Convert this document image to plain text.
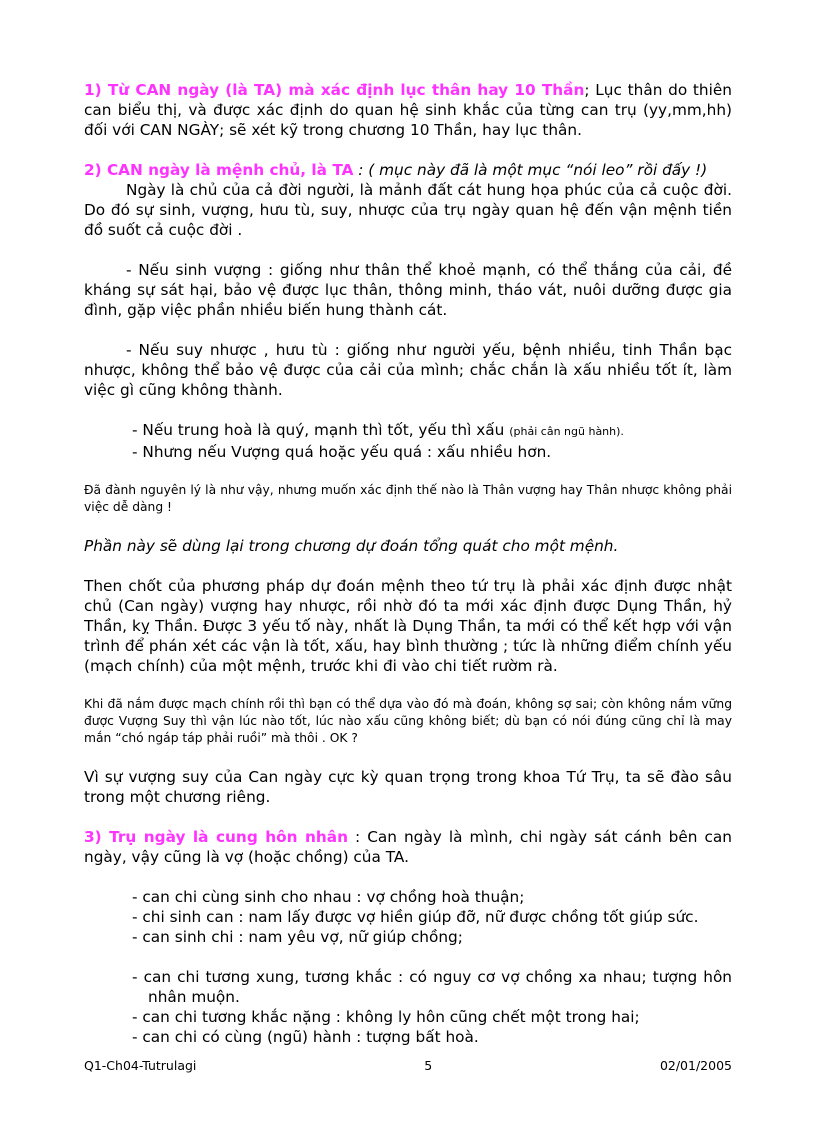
1) Từ CAN ngày (là TA) mà xác định lục thân hay 10 Thần; Lục thân do thiên can biểu thị, và được xác định do quan hệ sinh khắc của từng can trụ (yy,mm,hh) đối với CAN NGÀY; sẽ xét kỹ trong chương 10 Thần, hay lục thân.

2) CAN ngày là mệnh chủ, là TA : ( mục này đã là một mục “nói leo” rồi đấy !)

Ngày là chủ của cả đời người, là mảnh đất cát hung họa phúc của cả cuộc đời. Do đó sự sinh, vượng, hưu tù, suy, nhược của trụ ngày quan hệ đến vận mệnh tiền đồ suốt cả cuộc đời .

- Nếu sinh vượng : giống như thân thể khoẻ mạnh, có thể thắng của cải, đề kháng sự sát hại, bảo vệ được lục thân, thông minh, tháo vát, nuôi dưỡng được gia đình, gặp việc phần nhiều biến hung thành cát.

- Nếu suy nhược , hưu tù : giống như người yếu, bệnh nhiều, tinh Thần bạc nhược, không thể bảo vệ được của cải của mình; chắc chắn là xấu nhiều tốt ít, làm việc gì cũng không thành.

- Nếu trung hoà là quý, mạnh thì tốt, yếu thì xấu (phải cân ngũ hành).

- Nhưng nếu Vượng quá hoặc yếu quá : xấu nhiều hơn.

Đã đành nguyên lý là như vậy, nhưng muốn xác định thế nào là Thân vượng hay Thân nhược không phải việc dễ dàng !

Phần này sẽ dùng lại trong chương dự đoán tổng quát cho một mệnh.

Then chốt của phương pháp dự đoán mệnh theo tứ trụ là phải xác định được nhật chủ (Can ngày) vượng hay nhược, rồi nhờ đó ta mới xác định được Dụng Thần, hỷ Thần, kỵ Thần. Được 3 yếu tố này, nhất là Dụng Thần, ta mới có thể kết hợp với vận trình để phán xét các vận là tốt, xấu, hay bình thường ; tức là những điểm chính yếu (mạch chính) của một mệnh, trước khi đi vào chi tiết rườm rà.

Khi đã nắm được mạch chính rồi thì bạn có thể dựa vào đó mà đoán, không sợ sai; còn không nắm vững được Vượng Suy thì vận lúc nào tốt, lúc nào xấu cũng không biết; dù bạn có nói đúng cũng chỉ là may mắn “chó ngáp táp phải ruồi” mà thôi . OK ?

Vì sự vượng suy của Can ngày cực kỳ quan trọng trong khoa Tứ Trụ, ta sẽ đào sâu trong một chương riêng.

3) Trụ ngày là cung hôn nhân : Can ngày là mình, chi ngày sát cánh bên can ngày, vậy cũng là vợ (hoặc chồng) của TA.

- can chi cùng sinh cho nhau : vợ chồng hoà thuận;

- chi sinh can : nam lấy được vợ hiền giúp đỡ, nữ được chồng tốt giúp sức.

- can sinh chi : nam yêu vợ, nữ giúp chồng;

- can chi tương xung, tương khắc : có nguy cơ vợ chồng xa nhau; tượng hôn nhân muộn.

- can chi tương khắc nặng : không ly hôn cũng chết một trong hai;

- can chi có cùng (ngũ) hành : tượng bất hoà.

Q1-Ch04-Tutrulagi	5	02/01/2005
